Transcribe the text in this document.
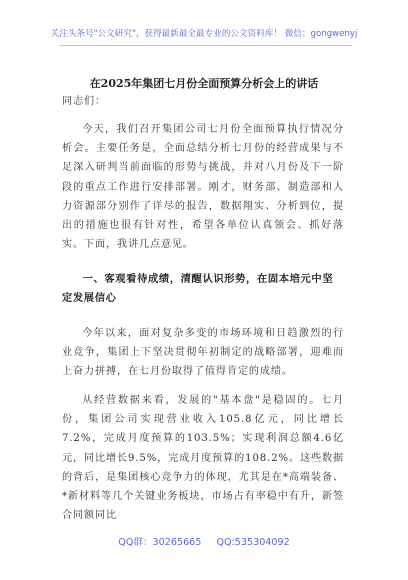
关注头条号"公文研究"，获得最新最全最专业的公文资料库！ 微信：gongwenyj
在2025年集团七月份全面预算分析会上的讲话
同志们：
今天，我们召开集团公司七月份全面预算执行情况分析会。主要任务是，全面总结分析七月份的经营成果与不足深入研判当前面临的形势与挑战，并对八月份及下一阶段的重点工作进行安排部署。刚才，财务部、制造部和人力资源部分别作了详尽的报告，数据翔实、分析到位，提出的措施也很有针对性，希望各单位认真领会、抓好落实。下面，我讲几点意见。
一、客观看待成绩，清醒认识形势，在固本培元中坚定发展信心
今年以来，面对复杂多变的市场环境和日趋激烈的行业竞争，集团上下坚决贯彻年初制定的战略部署，迎难而上奋力拼搏，在七月份取得了值得肯定的成绩。
从经营数据来看，发展的"基本盘"是稳固的。七月份，集团公司实现营业收入105.8亿元，同比增长7.2%，完成月度预算的103.5%；实现利润总额4.6亿元，同比增长9.5%，完成月度预算的108.2%。这些数据的背后，是集团核心竞争力的体现，尤其是在*高端装备、*新材料等几个关键业务板块，市场占有率稳中有升，新签合同额同比
QQ群：30265665 QQ:535304092
